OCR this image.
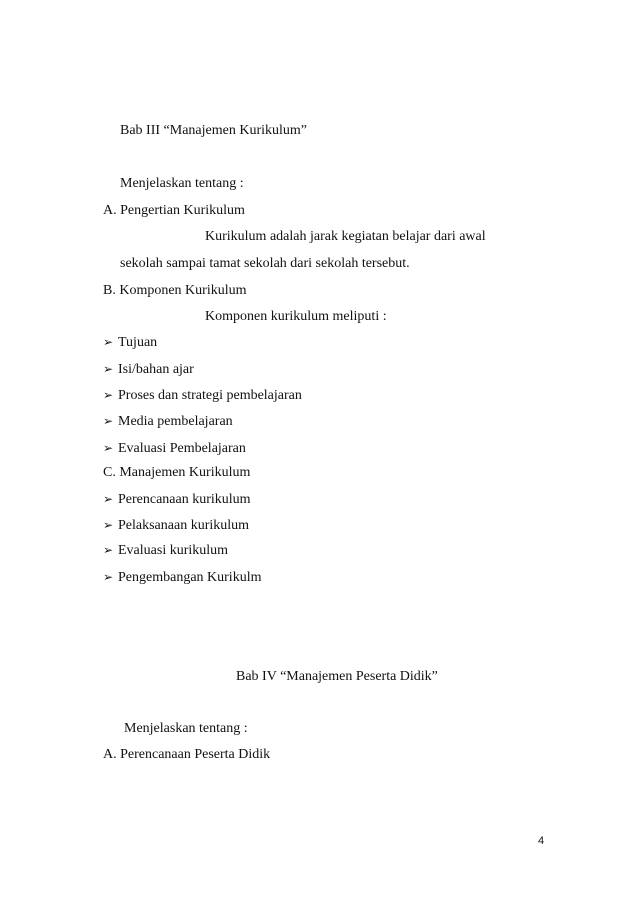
Bab III “Manajemen Kurikulum”
Menjelaskan tentang :
A. Pengertian Kurikulum
Kurikulum adalah jarak kegiatan belajar dari awal
sekolah sampai tamat sekolah dari sekolah tersebut.
B. Komponen Kurikulum
Komponen kurikulum meliputi :
➢ Tujuan
➢ Isi/bahan ajar
➢ Proses dan strategi pembelajaran
➢ Media pembelajaran
➢ Evaluasi Pembelajaran
C. Manajemen Kurikulum
➢ Perencanaan kurikulum
➢ Pelaksanaan kurikulum
➢ Evaluasi kurikulum
➢ Pengembangan Kurikulm
Bab IV “Manajemen Peserta Didik”
Menjelaskan tentang :
A. Perencanaan Peserta Didik
4
